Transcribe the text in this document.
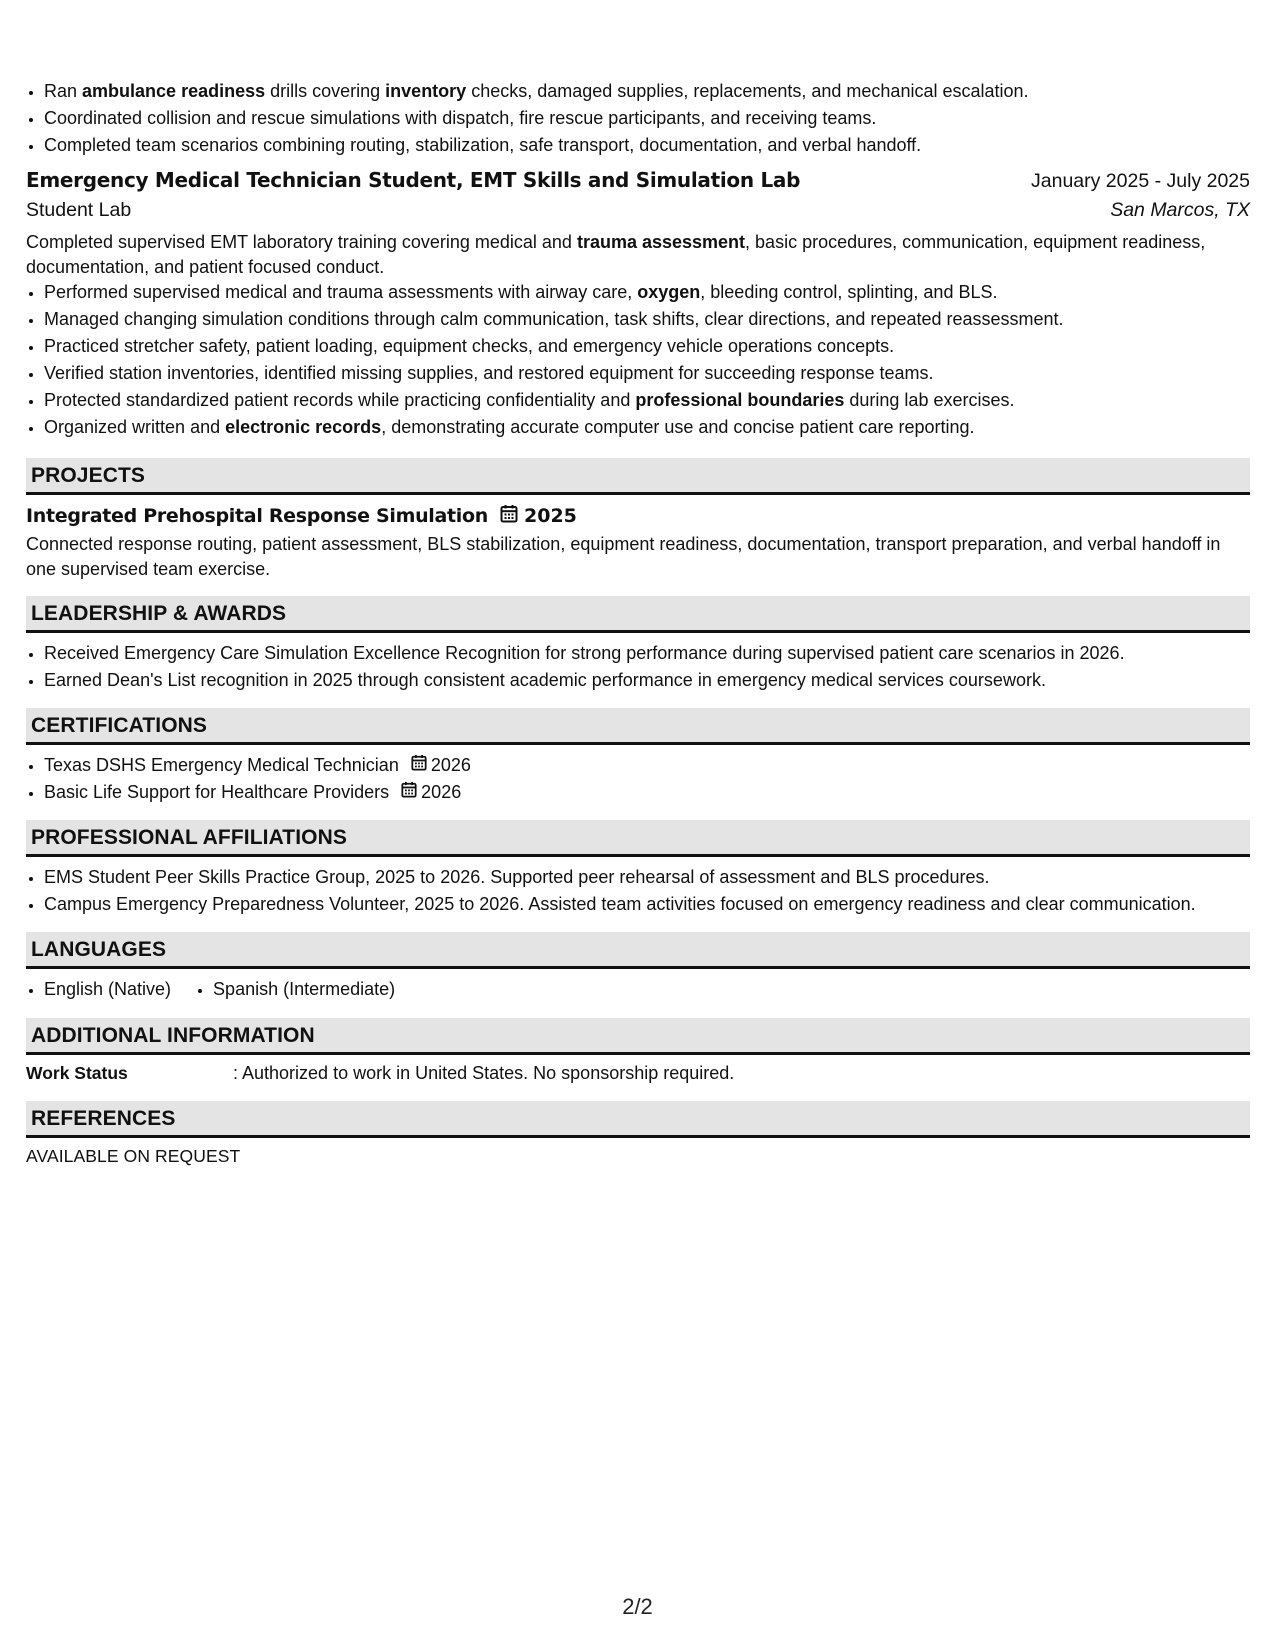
• Ran ambulance readiness drills covering inventory checks, damaged supplies, replacements, and mechanical escalation.
• Coordinated collision and rescue simulations with dispatch, fire rescue participants, and receiving teams.
• Completed team scenarios combining routing, stabilization, safe transport, documentation, and verbal handoff.
Emergency Medical Technician Student, EMT Skills and Simulation Lab	January 2025 - July 2025
Student Lab	San Marcos, TX
Completed supervised EMT laboratory training covering medical and trauma assessment, basic procedures, communication, equipment readiness, documentation, and patient focused conduct.
• Performed supervised medical and trauma assessments with airway care, oxygen, bleeding control, splinting, and BLS.
• Managed changing simulation conditions through calm communication, task shifts, clear directions, and repeated reassessment.
• Practiced stretcher safety, patient loading, equipment checks, and emergency vehicle operations concepts.
• Verified station inventories, identified missing supplies, and restored equipment for succeeding response teams.
• Protected standardized patient records while practicing confidentiality and professional boundaries during lab exercises.
• Organized written and electronic records, demonstrating accurate computer use and concise patient care reporting.
PROJECTS
Integrated Prehospital Response Simulation 2025
Connected response routing, patient assessment, BLS stabilization, equipment readiness, documentation, transport preparation, and verbal handoff in one supervised team exercise.
LEADERSHIP & AWARDS
• Received Emergency Care Simulation Excellence Recognition for strong performance during supervised patient care scenarios in 2026.
• Earned Dean's List recognition in 2025 through consistent academic performance in emergency medical services coursework.
CERTIFICATIONS
• Texas DSHS Emergency Medical Technician 2026
• Basic Life Support for Healthcare Providers 2026
PROFESSIONAL AFFILIATIONS
• EMS Student Peer Skills Practice Group, 2025 to 2026. Supported peer rehearsal of assessment and BLS procedures.
• Campus Emergency Preparedness Volunteer, 2025 to 2026. Assisted team activities focused on emergency readiness and clear communication.
LANGUAGES
• English (Native)
• Spanish (Intermediate)
ADDITIONAL INFORMATION
Work Status	: Authorized to work in United States. No sponsorship required.
REFERENCES
AVAILABLE ON REQUEST
2/2
